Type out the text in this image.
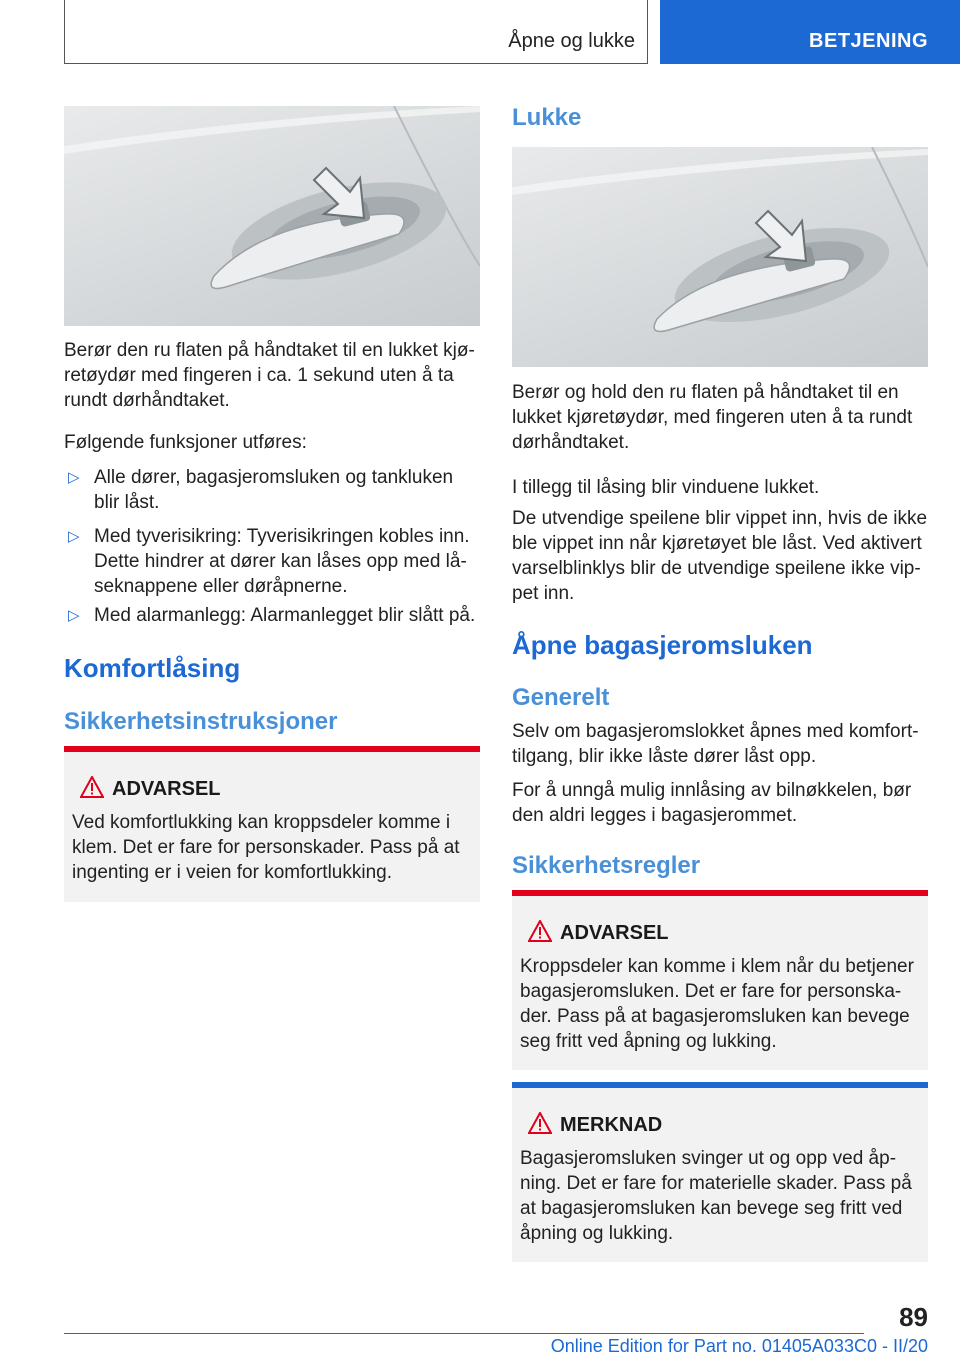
Åpne og lukke	BETJENING

Berør den ru flaten på håndtaket til en lukket kjøretøydør med fingeren i ca. 1 sekund uten å ta rundt dørhåndtaket.

Følgende funksjoner utføres:

▷ Alle dører, bagasjeromsluken og tankluken blir låst.
▷ Med tyverisikring: Tyverisikringen kobles inn. Dette hindrer at dører kan låses opp med låseknappene eller døråpnerne.
▷ Med alarmanlegg: Alarmanlegget blir slått på.
Komfortlåsing
Sikkerhetsinstruksjoner
ADVARSEL
Ved komfortlukking kan kroppsdeler komme i klem. Det er fare for personskader. Pass på at ingenting er i veien for komfortlukking.
Lukke

Berør og hold den ru flaten på håndtaket til en lukket kjøretøydør, med fingeren uten å ta rundt dørhåndtaket.

I tillegg til låsing blir vinduene lukket.

De utvendige speilene blir vippet inn, hvis de ikke ble vippet inn når kjøretøyet ble låst. Ved aktivert varselblinklys blir de utvendige speilene ikke vippet inn.

Åpne bagasjeromsluken
Generelt

Selv om bagasjeromslokket åpnes med komforttilgang, blir ikke låste dører låst opp.

For å unngå mulig innlåsing av bilnøkkelen, bør den aldri legges i bagasjerommet.

Sikkerhetsregler
ADVARSEL
Kroppsdeler kan komme i klem når du betjener bagasjeromsluken. Det er fare for personskader. Pass på at bagasjeromsluken kan bevege seg fritt ved åpning og lukking.
MERKNAD
Bagasjeromsluken svinger ut og opp ved åpning. Det er fare for materielle skader. Pass på at bagasjeromsluken kan bevege seg fritt ved åpning og lukking.
89
Online Edition for Part no. 01405A033C0 - II/20
